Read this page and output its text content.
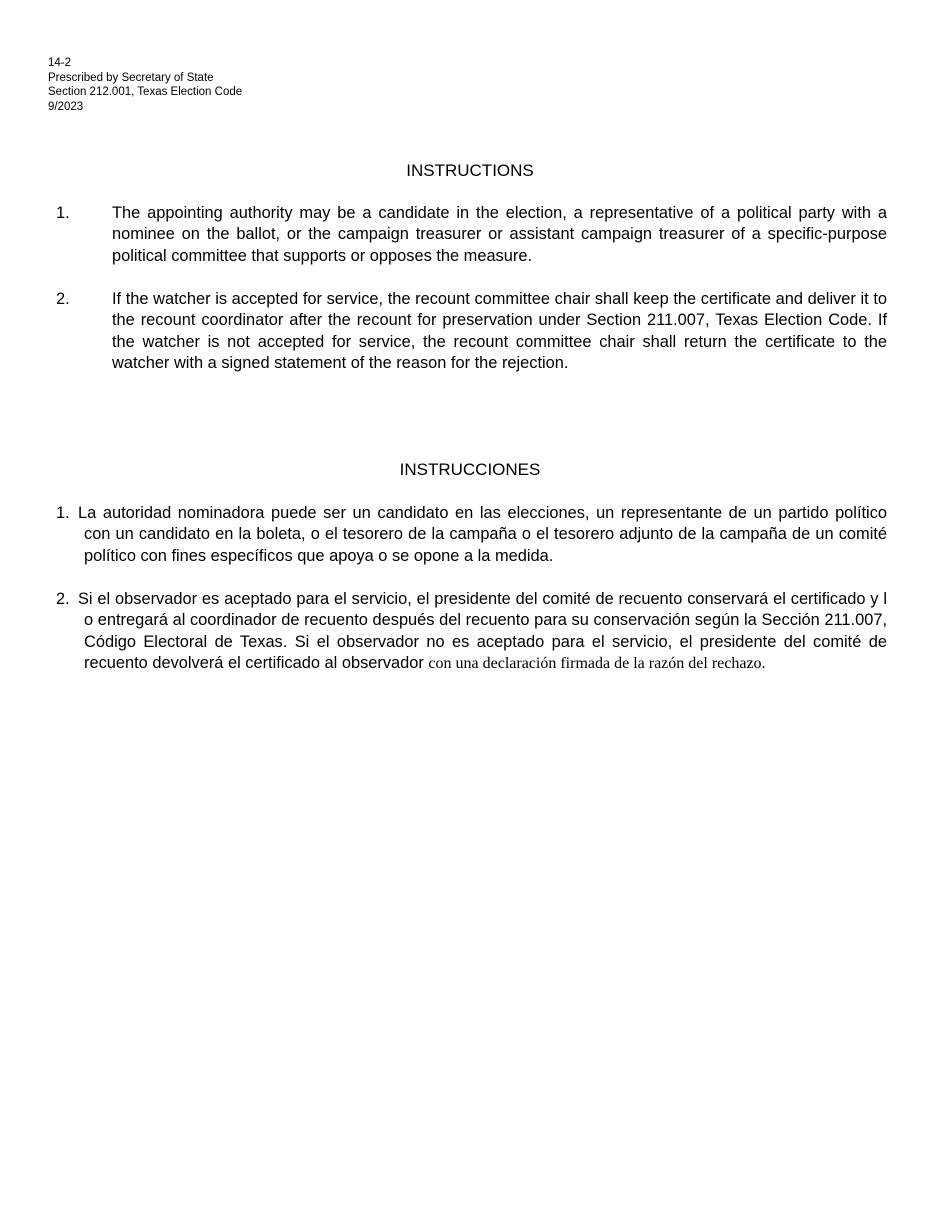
14-2
Prescribed by Secretary of State
Section 212.001, Texas Election Code
9/2023
INSTRUCTIONS
1.	The appointing authority may be a candidate in the election, a representative of a political party with a nominee on the ballot, or the campaign treasurer or assistant campaign treasurer of a specific-purpose political committee that supports or opposes the measure.
2.	If the watcher is accepted for service, the recount committee chair shall keep the certificate and deliver it to the recount coordinator after the recount for preservation under Section 211.007, Texas Election Code. If the watcher is not accepted for service, the recount committee chair shall return the certificate to the watcher with a signed statement of the reason for the rejection.
INSTRUCCIONES
1. La autoridad nominadora puede ser un candidato en las elecciones, un representante de un partido político con un candidato en la boleta, o el tesorero de la campaña o el tesorero adjunto de la campaña de un comité político con fines específicos que apoya o se opone a la medida.
2. Si el observador es aceptado para el servicio, el presidente del comité de recuento conservará el certificado y l o entregará al coordinador de recuento después del recuento para su conservación según la Sección 211.007, Código Electoral de Texas. Si el observador no es aceptado para el servicio, el presidente del comité de recuento devolverá el certificado al observador con una declaración firmada de la razón del rechazo.
